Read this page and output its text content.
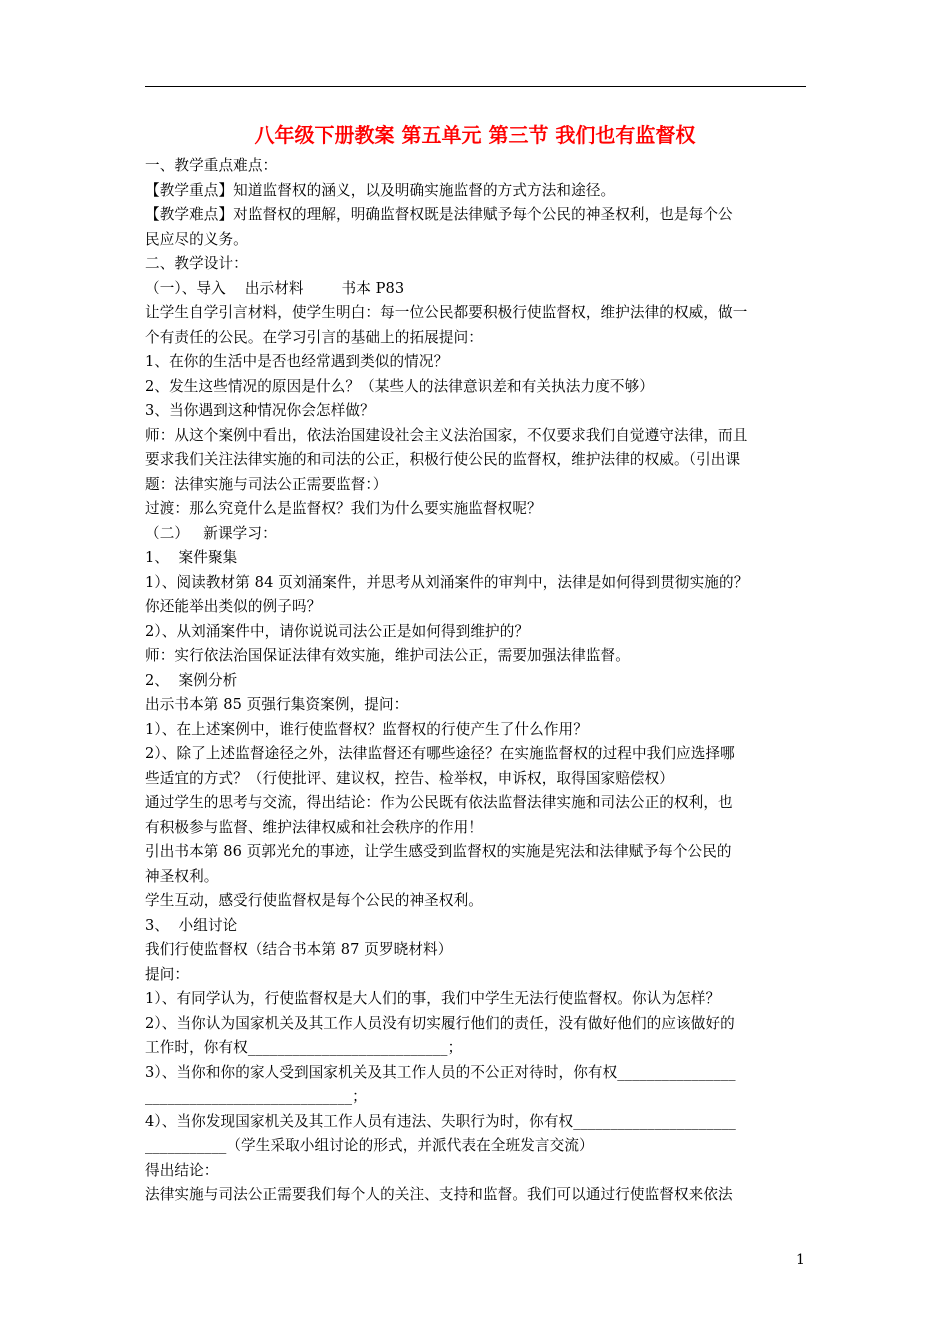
八年级下册教案 第五单元 第三节 我们也有监督权
一、教学重点难点：
【教学重点】知道监督权的涵义，以及明确实施监督的方式方法和途径。
【教学难点】对监督权的理解，明确监督权既是法律赋予每个公民的神圣权利，也是每个公
民应尽的义务。
二、教学设计：
（一）、导入    出示材料        书本 P83
让学生自学引言材料，使学生明白：每一位公民都要积极行使监督权，维护法律的权威，做一
个有责任的公民。在学习引言的基础上的拓展提问：
1、在你的生活中是否也经常遇到类似的情况？
2、发生这些情况的原因是什么？（某些人的法律意识差和有关执法力度不够）
3、当你遇到这种情况你会怎样做？
师：从这个案例中看出，依法治国建设社会主义法治国家，不仅要求我们自觉遵守法律，而且
要求我们关注法律实施的和司法的公正，积极行使公民的监督权，维护法律的权威。（引出课
题：法律实施与司法公正需要监督：）
过渡：那么究竟什么是监督权？我们为什么要实施监督权呢？
（二）   新课学习：
1、  案件聚集
1）、阅读教材第 84 页刘涌案件，并思考从刘涌案件的审判中，法律是如何得到贯彻实施的？
你还能举出类似的例子吗？
2）、从刘涌案件中，请你说说司法公正是如何得到维护的？
师：实行依法治国保证法律有效实施，维护司法公正，需要加强法律监督。
2、  案例分析
出示书本第 85 页强行集资案例，提问：
1）、在上述案例中，谁行使监督权？监督权的行使产生了什么作用？
2）、除了上述监督途径之外，法律监督还有哪些途径？在实施监督权的过程中我们应选择哪
些适宜的方式？（行使批评、建议权，控告、检举权，申诉权，取得国家赔偿权）
通过学生的思考与交流，得出结论：作为公民既有依法监督法律实施和司法公正的权利，也
有积极参与监督、维护法律权威和社会秩序的作用！
引出书本第 86 页郭光允的事迹，让学生感受到监督权的实施是宪法和法律赋予每个公民的
神圣权利。
学生互动，感受行使监督权是每个公民的神圣权利。
3、  小组讨论
我们行使监督权（结合书本第 87 页罗晓材料）
提问：
1）、有同学认为，行使监督权是大人们的事，我们中学生无法行使监督权。你认为怎样？
2）、当你认为国家机关及其工作人员没有切实履行他们的责任，没有做好他们的应该做好的
工作时，你有权___________________________；
3）、当你和你的家人受到国家机关及其工作人员的不公正对待时，你有权________________
____________________________；
4）、当你发现国家机关及其工作人员有违法、失职行为时，你有权______________________
___________（学生采取小组讨论的形式，并派代表在全班发言交流）
得出结论：
法律实施与司法公正需要我们每个人的关注、支持和监督。我们可以通过行使监督权来依法
1
